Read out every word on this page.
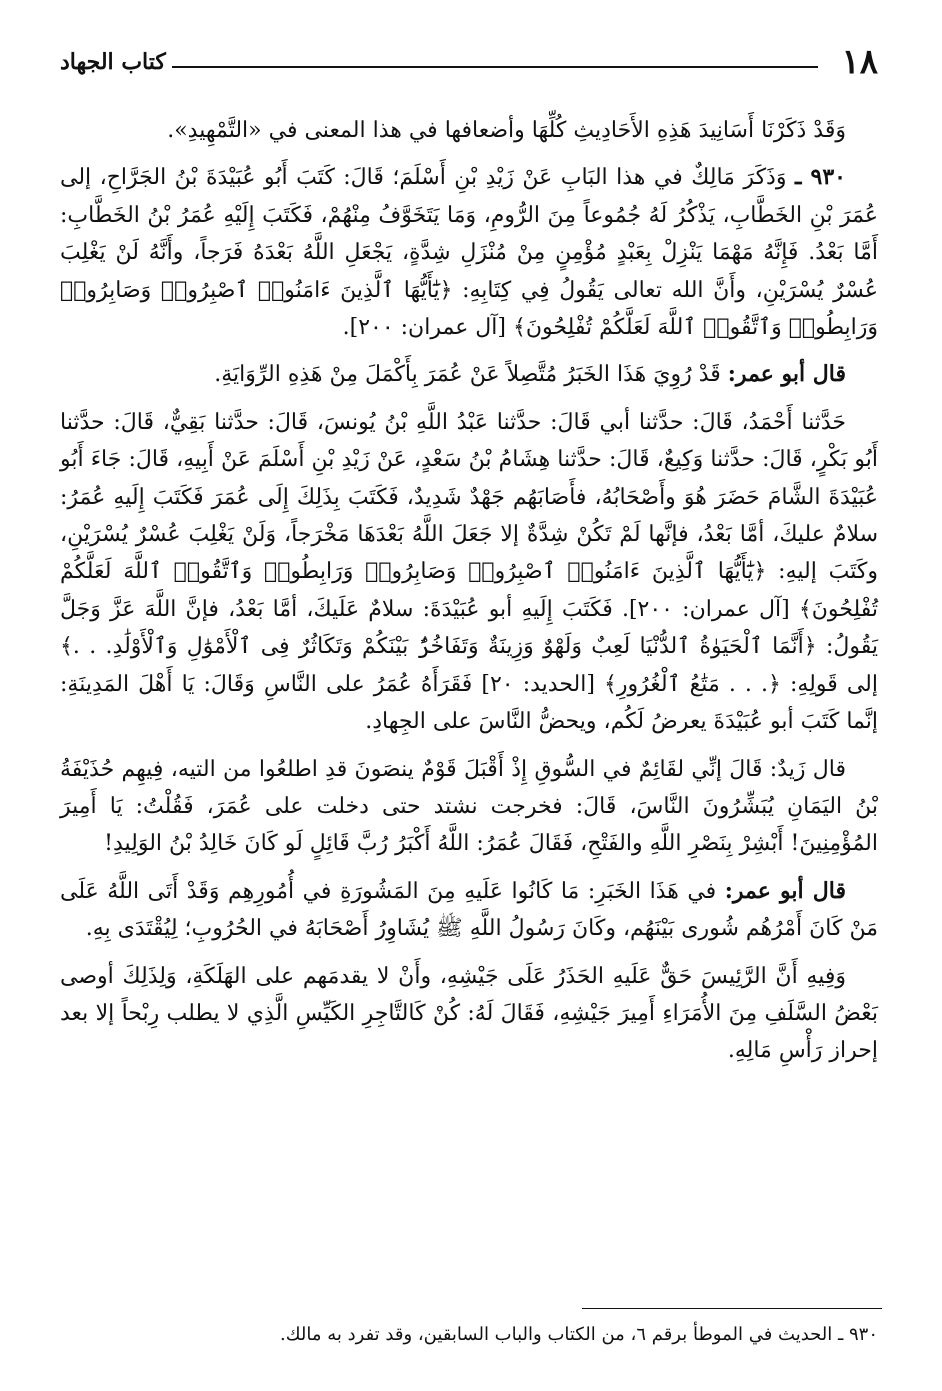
١٨
كتاب الجهاد

وَقَدْ ذَكَرْنَا أَسَانِيدَ هَذِهِ الأَحَادِيثِ كُلِّهَا وأضعافها في هذا المعنى في «التَّمْهِيدِ».

٩٣٠ ـ وَذَكَرَ مَالِكٌ في هذا البَابِ عَنْ زَيْدِ بْنِ أَسْلَمَ؛ قَالَ: كَتَبَ أَبُو عُبَيْدَةَ بْنُ الجَرَّاحِ، إلى عُمَرَ بْنِ الخَطَّابِ، يَذْكُرُ لَهُ جُمُوعاً مِنَ الرُّومِ، وَمَا يَتَخَوَّفُ مِنْهُمْ، فَكَتَبَ إِلَيْهِ عُمَرُ بْنُ الخَطَّابِ: أَمَّا بَعْدُ. فَإِنَّهُ مَهْمَا يَنْزِلْ بِعَبْدٍ مُؤْمِنٍ مِنْ مُنْزَلِ شِدَّةٍ، يَجْعَلِ اللَّهُ بَعْدَهُ فَرَجاً، وأَنَّهُ لَنْ يَغْلِبَ عُسْرٌ يُسْرَيْنِ، وأَنَّ الله تعالى يَقُولُ فِي كِتَابِهِ: ﴿يَٰٓأَيُّهَا ٱلَّذِينَ ءَامَنُوا۟ ٱصْبِرُوا۟ وَصَابِرُوا۟ وَرَابِطُوا۟ وَٱتَّقُوا۟ ٱللَّهَ لَعَلَّكُمْ تُفْلِحُونَ﴾ [آل عمران: ٢٠٠].

قال أبو عمر: قَدْ رُوِيَ هَذَا الخَبَرُ مُتَّصِلاً عَنْ عُمَرَ بِأَكْمَلَ مِنْ هَذِهِ الرِّوَايَةِ.

حَدَّثنا أَحْمَدُ، قَالَ: حدَّثنا أبي قَالَ: حدَّثنا عَبْدُ اللَّهِ بْنُ يُونسَ، قَالَ: حدَّثنا بَقِيٌّ، قَالَ: حدَّثنا أَبُو بَكْرٍ، قَالَ: حدَّثنا وَكِيعٌ، قَالَ: حدَّثنا هِشَامُ بْنُ سَعْدٍ، عَنْ زَيْدِ بْنِ أَسْلَمَ عَنْ أَبِيهِ، قَالَ: جَاءَ أَبُو عُبَيْدَةَ الشَّامَ حَضَرَ هُوَ وأَصْحَابُهُ، فأَصَابَهُم جَهْدٌ شَدِيدٌ، فَكَتَبَ بِذَلِكَ إِلَى عُمَرَ فَكَتَبَ إِلَيهِ عُمَرُ: سلامٌ عليكَ، أمَّا بَعْدُ، فإنَّها لَمْ تَكُنْ شِدَّةٌ إلا جَعَلَ اللَّهُ بَعْدَهَا مَخْرَجاً، وَلَنْ يَغْلِبَ عُسْرٌ يُسْرَيْنِ، وكَتَبَ إليهِ: ﴿يَٰٓأَيُّهَا ٱلَّذِينَ ءَامَنُوا۟ ٱصْبِرُوا۟ وَصَابِرُوا۟ وَرَابِطُوا۟ وَٱتَّقُوا۟ ٱللَّهَ لَعَلَّكُمْ تُفْلِحُونَ﴾ [آل عمران: ٢٠٠]. فَكَتَبَ إِلَيهِ أبو عُبَيْدَةَ: سلامٌ عَلَيكَ، أمَّا بَعْدُ، فإنَّ اللَّهَ عَزَّ وَجَلَّ يَقُولُ: ﴿أَنَّمَا ٱلْحَيَوٰةُ ٱلدُّنْيَا لَعِبٌ وَلَهْوٌ وَزِينَةٌ وَتَفَاخُرٌۢ بَيْنَكُمْ وَتَكَاثُرٌ فِى ٱلْأَمْوَٰلِ وَٱلْأَوْلَٰدِ. . .﴾ إلى قَولِهِ: ﴿. . . مَتَٰعُ ٱلْغُرُورِ﴾ [الحديد: ٢٠] فَقَرَأَهُ عُمَرُ على النَّاسِ وَقَالَ: يَا أَهْلَ المَدِينَةِ: إنَّما كَتَبَ أبو عُبَيْدَةَ يعرضُ لَكُم، ويحضُّ النَّاسَ على الجِهادِ.

قال زَيدٌ: قَالَ إنِّي لقَائِمٌ في السُّوقِ إِذْ أَقْبَلَ قَوْمٌ ينصَونَ قدِ اطلعُوا من التيه، فِيهِم حُذَيْفَةُ بْنُ اليَمَانِ يُبَشِّرُونَ النَّاسَ، قَالَ: فخرجت نشتد حتى دخلت على عُمَرَ، فَقُلْتُ: يَا أَمِيرَ المُؤْمِنِينَ! أَبْشِرْ بِنَصْرِ اللَّهِ والفَتْحِ، فَقَالَ عُمَرُ: اللَّهُ أَكْبَرُ رُبَّ قَائِلٍ لَو كَانَ خَالِدُ بْنُ الوَلِيدِ!

قال أبو عمر: في هَذَا الخَبَرِ: مَا كَانُوا عَلَيهِ مِنَ المَشُورَةِ في أُمُورِهِم وَقَدْ أَتَى اللَّهُ عَلَى مَنْ كَانَ أَمْرُهُم شُورى بَيْنَهُم، وكَانَ رَسُولُ اللَّهِ ﷺ يُشَاوِرُ أَصْحَابَهُ في الحُرُوبِ؛ لِيُقْتَدَى بِهِ.

وَفِيهِ أَنَّ الرَّئِيسَ حَقٌّ عَلَيهِ الحَذَرُ عَلَى جَيْشِهِ، وأَنْ لا يقدمَهم على الهَلَكَةِ، وَلِذَلِكَ أوصى بَعْضُ السَّلَفِ مِنَ الأُمَرَاءِ أَمِيرَ جَيْشِهِ، فَقَالَ لَهُ: كُنْ كَالتَّاجِرِ الكَيِّسِ الَّذِي لا يطلب رِبْحاً إلا بعد إحراز رَأْسِ مَالِهِ.

٩٣٠ ـ الحديث في الموطأ برقم ٦، من الكتاب والباب السابقين، وقد تفرد به مالك.
